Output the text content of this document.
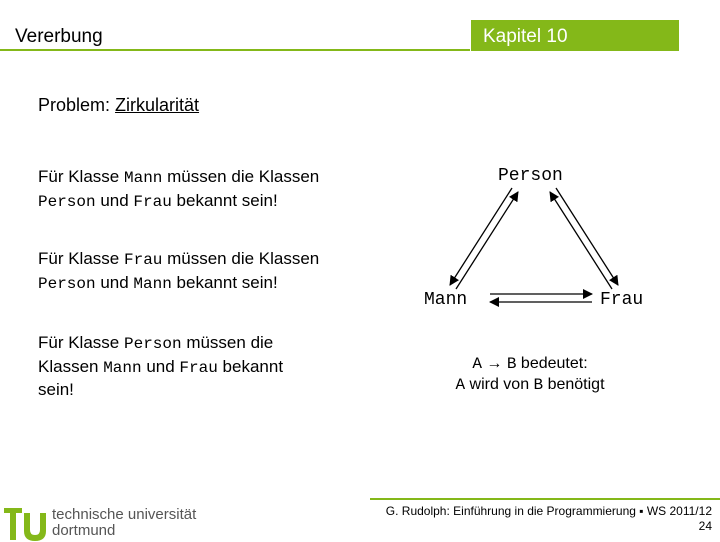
Vererbung	Kapitel 10
Problem: Zirkularität
Für Klasse Mann müssen die Klassen Person und Frau bekannt sein!
Für Klasse Frau müssen die Klassen Person und Mann bekannt sein!
Für Klasse Person müssen die Klassen Mann und Frau bekannt sein!
Person
Mann	Frau
A → B bedeutet:
A wird von B benötigt
technische universität
dortmund
G. Rudolph: Einführung in die Programmierung ▪ WS 2011/12
24
